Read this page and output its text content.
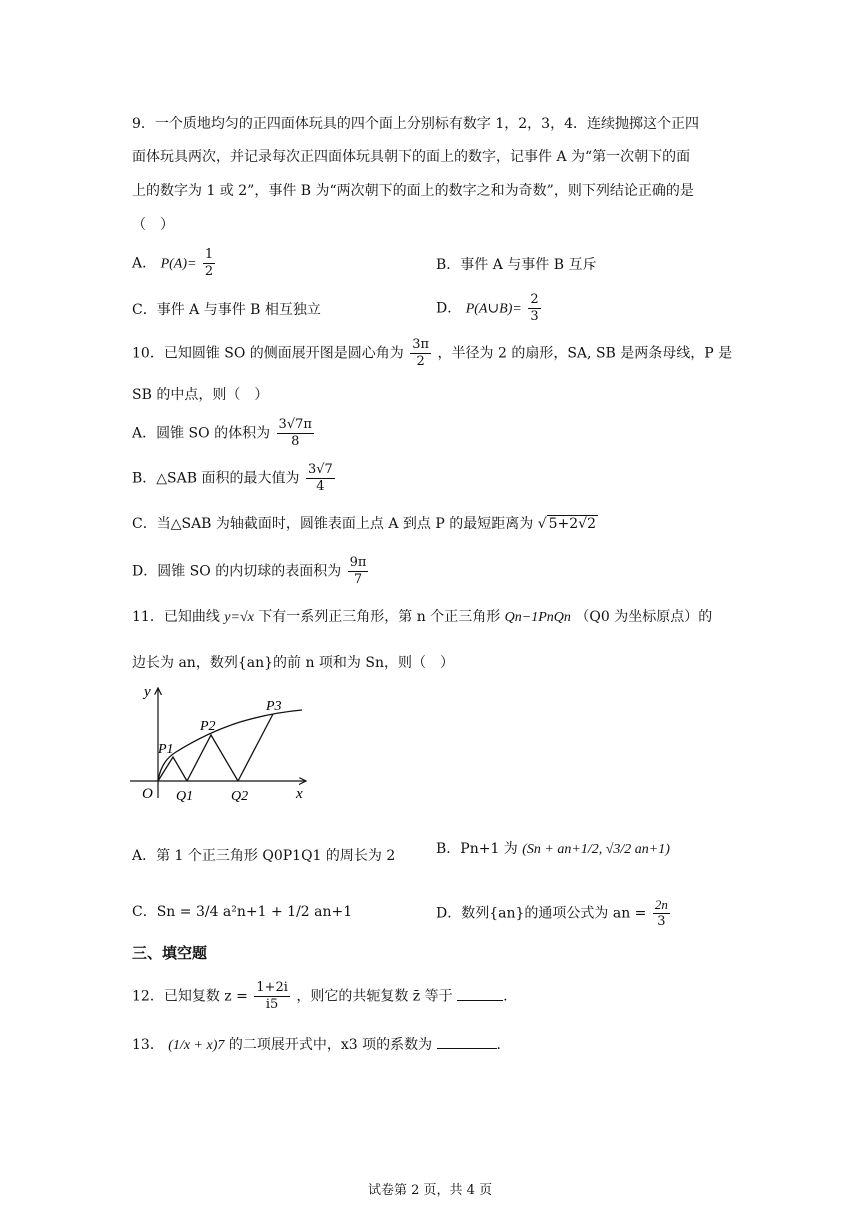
9．一个质地均匀的正四面体玩具的四个面上分别标有数字 1，2，3，4．连续抛掷这个正四
面体玩具两次，并记录每次正四面体玩具朝下的面上的数字，记事件 A 为“第一次朝下的面
上的数字为 1 或 2”，事件 B 为“两次朝下的面上的数字之和为奇数”，则下列结论正确的是
（　）
A． $P(A)= \frac{1}{2}$	B．事件 A 与事件 B 互斥
C．事件 A 与事件 B 相互独立	D． P(A∪B)= $\frac{2}{3}$
10．已知圆锥 SO 的侧面展开图是圆心角为 $\frac{3\pi}{2}$ ，半径为 2 的扇形，SA, SB 是两条母线，P 是
SB 的中点，则（　）
A．圆锥 SO 的体积为 $\frac{3√7\pi}{8}$
B．△SAB 面积的最大值为 $\frac{3√7}{4}$
C．当△SAB 为轴截面时，圆锥表面上点 A 到点 P 的最短距离为 √ 5+2√2
D．圆锥 SO 的内切球的表面积为 $\frac{9\pi}{7}$
11．已知曲线 y=√x 下有一系列正三角形，第 n 个正三角形 Qn−1PnQn （Q0 为坐标原点）的
边长为 an，数列{an}的前 n 项和为 Sn，则（　）
y
x
O
P1
P2
P3
Q1	Q2
A．第 1 个正三角形 Q0P1Q1 的周长为 2	B．Pn+1 为 (Sn + an+1/2, √3/2 an+1)
C．Sn = 3/4 a²n+1 + 1/2 an+1	D．数列{an}的通项公式为 an = $\frac{2n}{3}$
三、填空题
12．已知复数 $z = \frac{1+2i}{i5}$ ，则它的共轭复数 z̄ 等于	.
13． (1/x + x)7 的二项展开式中，x3 项的系数为	.
试卷第 2 页，共 4 页
